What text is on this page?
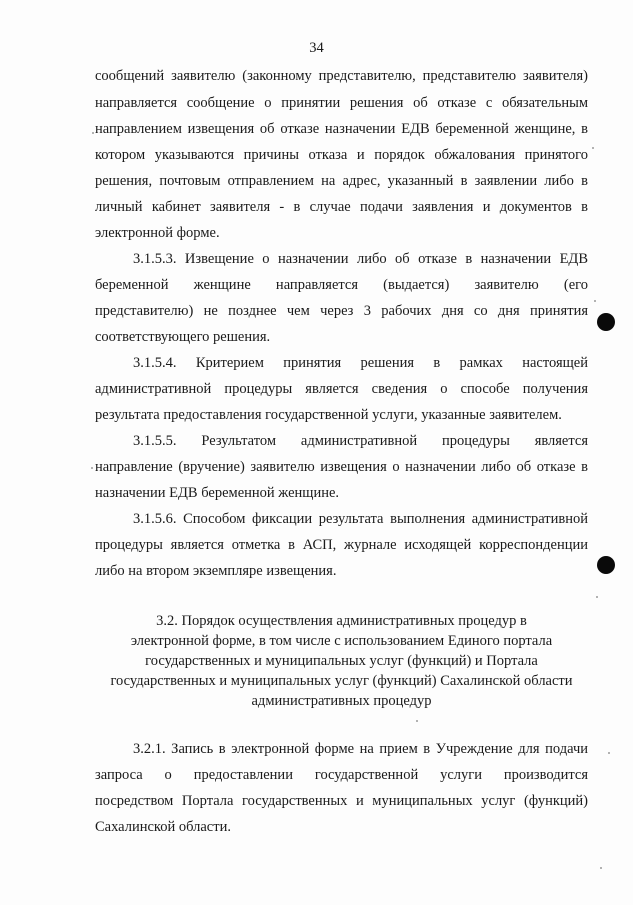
34
сообщений заявителю (законному представителю, представителю заявителя)
направляется сообщение о принятии решения об отказе с обязательным
направлением извещения об отказе назначении ЕДВ беременной женщине, в
котором указываются причины отказа и порядок обжалования принятого
решения, почтовым отправлением на адрес, указанный в заявлении либо в
личный кабинет заявителя - в случае подачи заявления и документов в
электронной форме.
3.1.5.3. Извещение о назначении либо об отказе в назначении ЕДВ
беременной женщине направляется (выдается) заявителю (его
представителю) не позднее чем через 3 рабочих дня со дня принятия
соответствующего решения.
3.1.5.4. Критерием принятия решения в рамках настоящей
административной процедуры является сведения о способе получения
результата предоставления государственной услуги, указанные заявителем.
3.1.5.5. Результатом административной процедуры является
направление (вручение) заявителю извещения о назначении либо об отказе в
назначении ЕДВ беременной женщине.
3.1.5.6. Способом фиксации результата выполнения административной
процедуры является отметка в АСП, журнале исходящей корреспонденции
либо на втором экземпляре извещения.
3.2. Порядок осуществления административных процедур в
электронной форме, в том числе с использованием Единого портала
государственных и муниципальных услуг (функций) и Портала
государственных и муниципальных услуг (функций) Сахалинской области
административных процедур
3.2.1. Запись в электронной форме на прием в Учреждение для подачи
запроса о предоставлении государственной услуги производится
посредством Портала государственных и муниципальных услуг (функций)
Сахалинской области.
